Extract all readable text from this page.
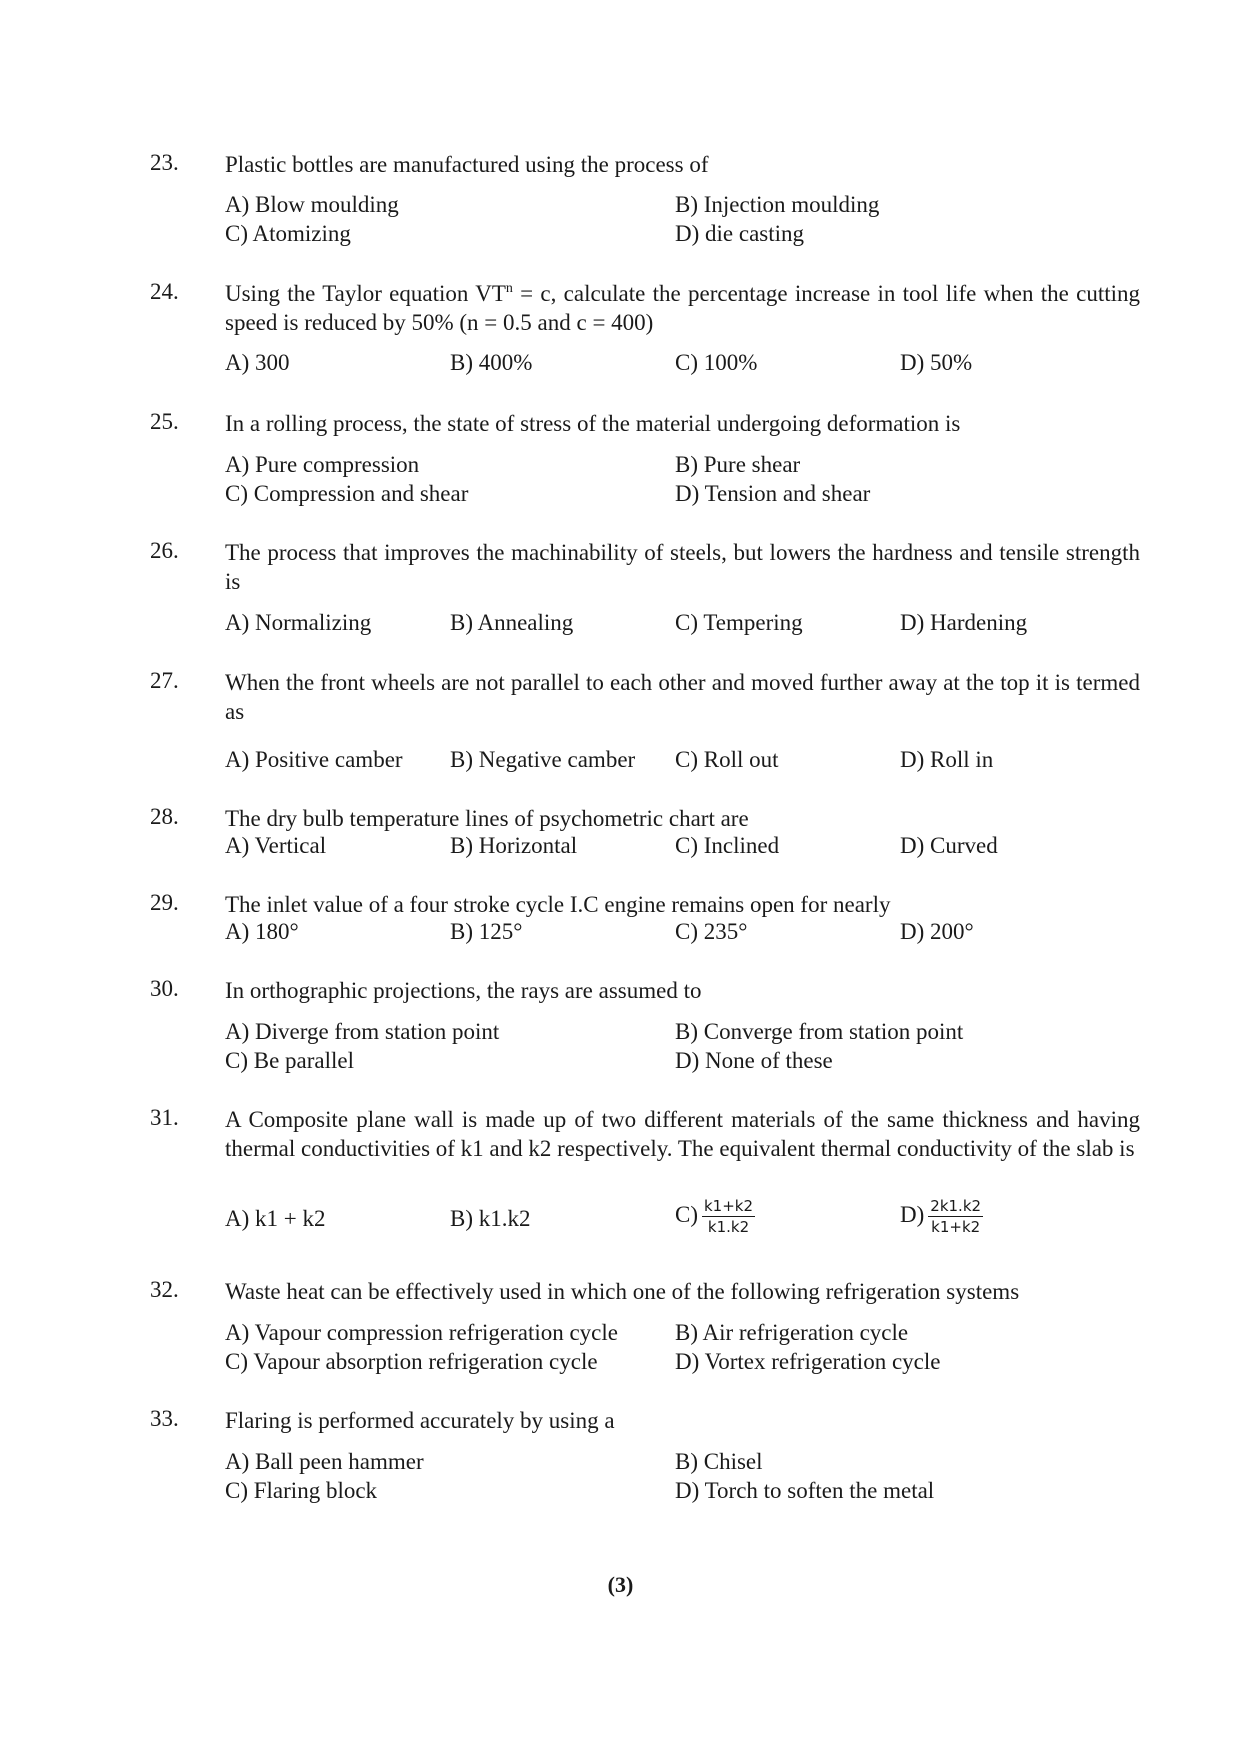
23. Plastic bottles are manufactured using the process of
A) Blow moulding	B) Injection moulding
C) Atomizing	D) die casting
24. Using the Taylor equation $VT^n = c$, calculate the percentage increase in tool life when the cutting speed is reduced by 50% (n = 0.5 and c = 400)
A) 300	B) 400%	C) 100%	D) 50%
25. In a rolling process, the state of stress of the material undergoing deformation is
A) Pure compression	B) Pure shear
C) Compression and shear	D) Tension and shear
26. The process that improves the machinability of steels, but lowers the hardness and tensile strength is
A) Normalizing	B) Annealing	C) Tempering	D) Hardening
27. When the front wheels are not parallel to each other and moved further away at the top it is termed as
A) Positive camber B) Negative camber C) Roll out	D) Roll in
28. The dry bulb temperature lines of psychometric chart are
A) Vertical	B) Horizontal	C) Inclined	D) Curved
29. The inlet value of a four stroke cycle I.C engine remains open for nearly
A) 180°	B) 125°	C) 235°	D) 200°
30. In orthographic projections, the rays are assumed to
A) Diverge from station point	B) Converge from station point
C) Be parallel	D) None of these
31. A Composite plane wall is made up of two different materials of the same thickness and having thermal conductivities of k1 and k2 respectively. The equivalent thermal conductivity of the slab is
A) k1 + k2	B) k1.k2	$C) \frac{k1+k2}{k1.k2}$	$D) \frac{2k1.k2}{k1+k2}$
32. Waste heat can be effectively used in which one of the following refrigeration systems
A) Vapour compression refrigeration cycle B) Air refrigeration cycle
C) Vapour absorption refrigeration cycle	D) Vortex refrigeration cycle
33. Flaring is performed accurately by using a
A) Ball peen hammer	B) Chisel
C) Flaring block	D) Torch to soften the metal
(3)
